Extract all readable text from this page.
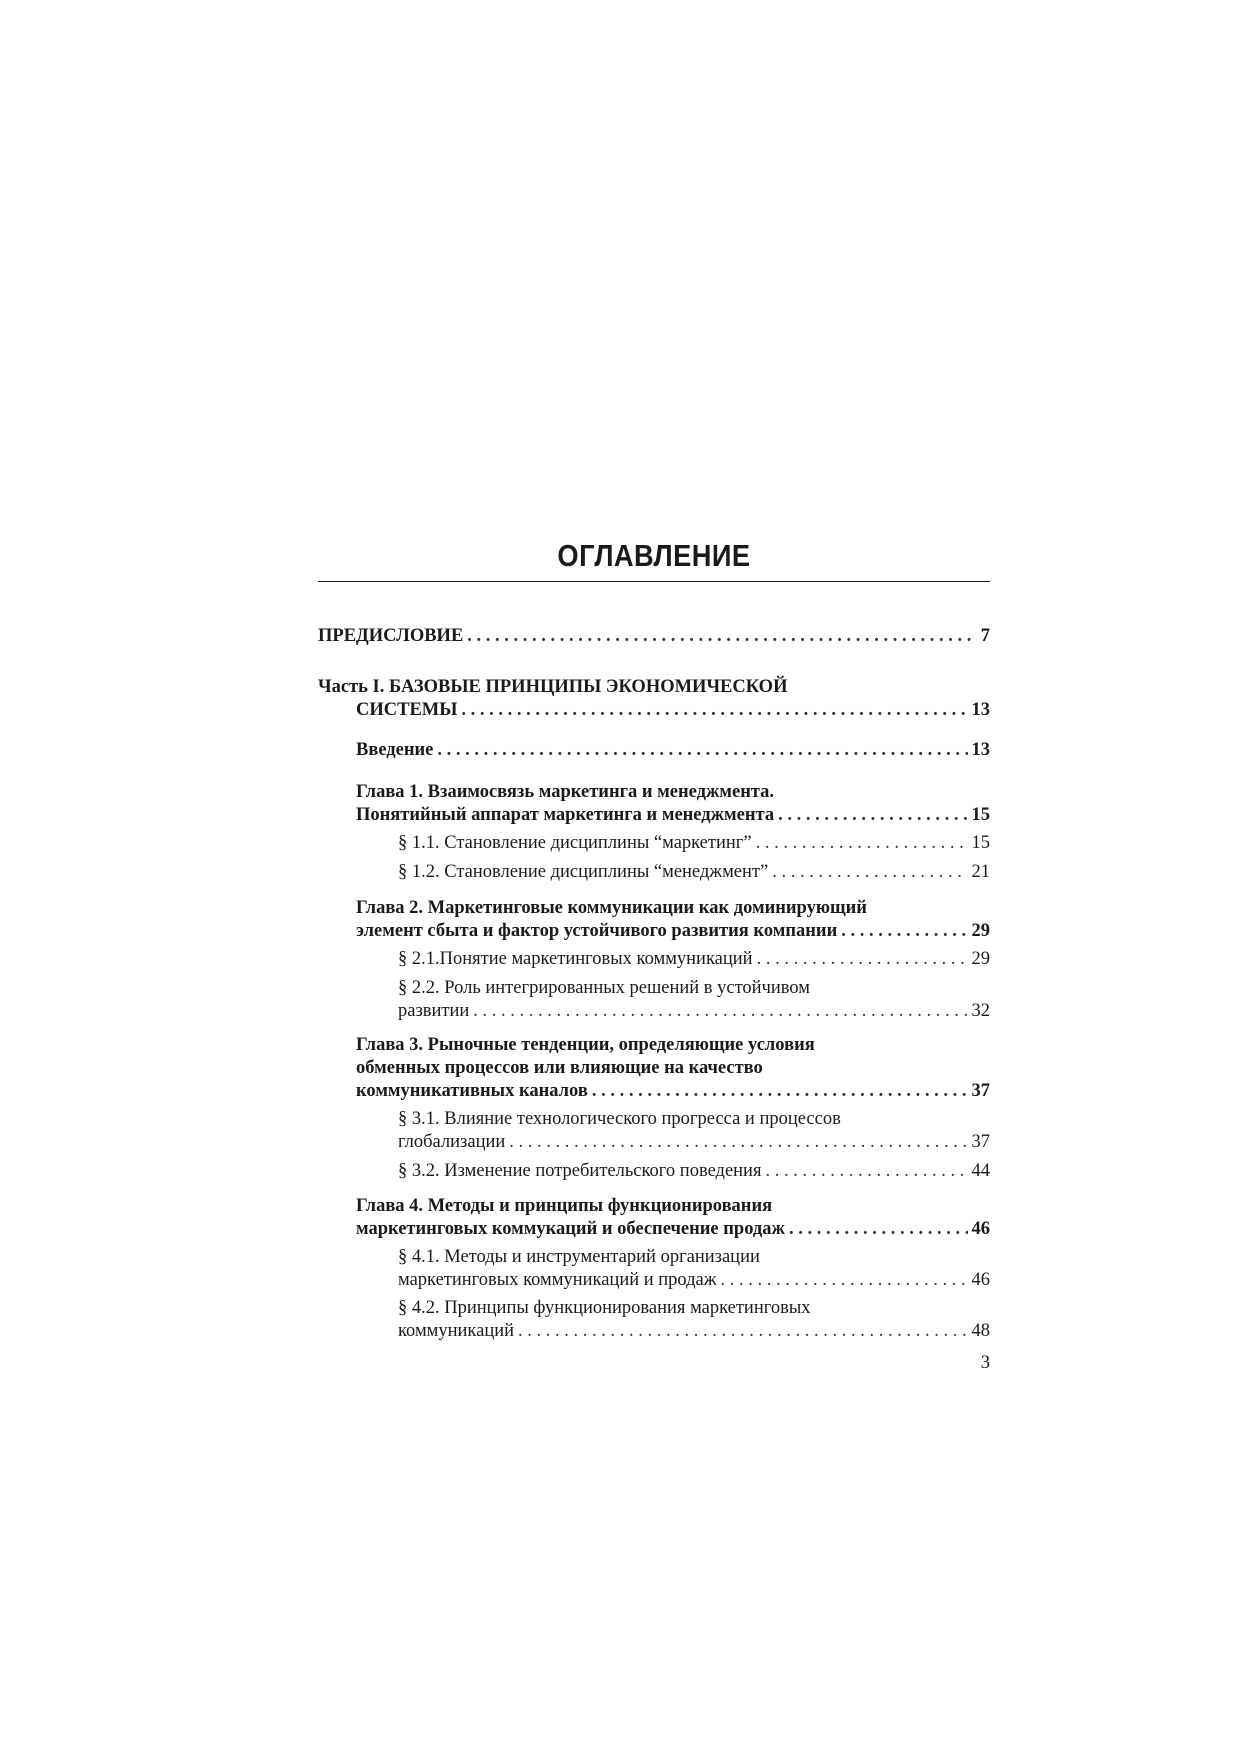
ОГЛАВЛЕНИЕ
ПРЕДИСЛОВИЕ . . .	7
Часть I. БАЗОВЫЕ ПРИНЦИПЫ ЭКОНОМИЧЕСКОЙ
СИСТЕМЫ . . .	13
Введение . . .	13
Глава 1. Взаимосвязь маркетинга и менеджмента.
Понятийный аппарат маркетинга и менеджмента . . .	15
§ 1.1. Становление дисциплины “маркетинг” . . .	15
§ 1.2. Становление дисциплины “менеджмент” . . .	21
Глава 2. Маркетинговые коммуникации как доминирующий
элемент сбыта и фактор устойчивого развития компании . . .	29
§ 2.1.Понятие маркетинговых коммуникаций . . .	29
§ 2.2. Роль интегрированных решений в устойчивом
развитии . . .	32
Глава 3. Рыночные тенденции, определяющие условия
обменных процессов или влияющие на качество
коммуникативных каналов . . .	37
§ 3.1. Влияние технологического прогресса и процессов
глобализации . . .	37
§ 3.2. Изменение потребительского поведения . . .	44
Глава 4. Методы и принципы функционирования
маркетинговых коммукаций и обеспечение продаж . . .	46
§ 4.1. Методы и инструментарий организации
маркетинговых коммуникаций и продаж . . .	46
§ 4.2. Принципы функционирования маркетинговых
коммуникаций . . .	48
3
